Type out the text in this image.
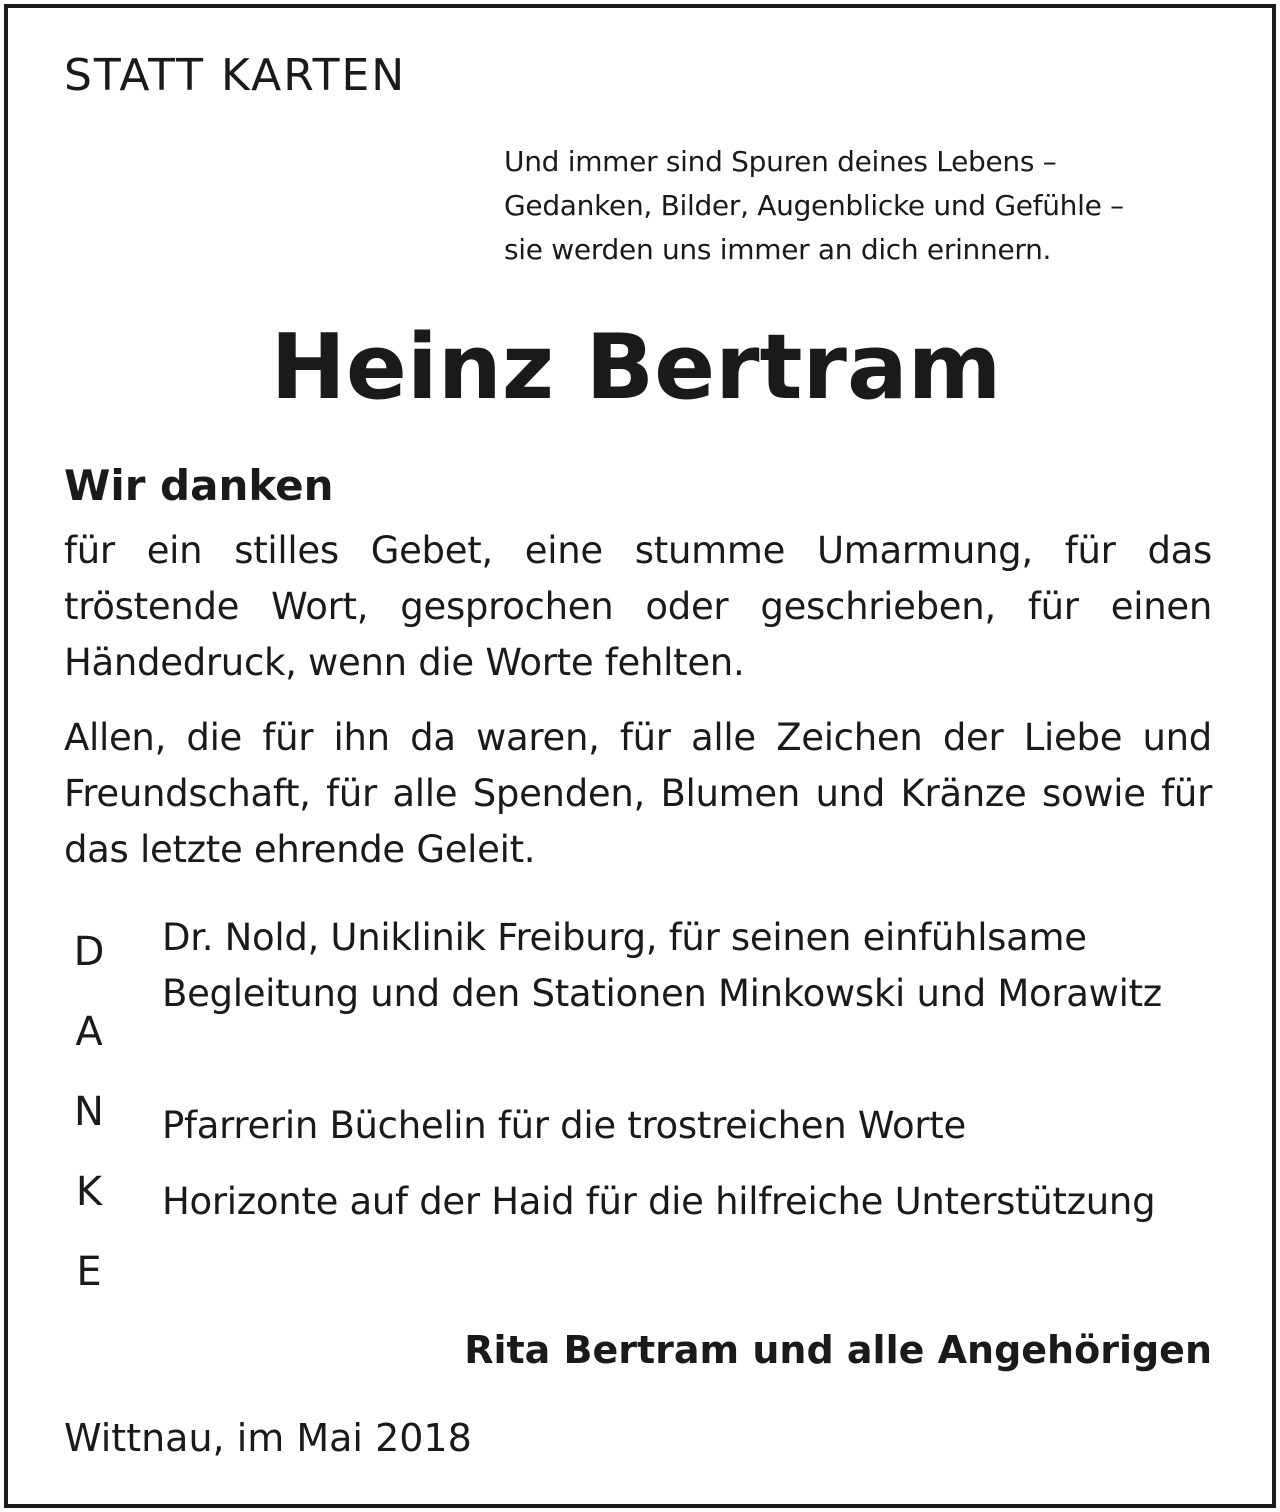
STATT KARTEN
Und immer sind Spuren deines Lebens –
Gedanken, Bilder, Augenblicke und Gefühle –
sie werden uns immer an dich erinnern.
Heinz Bertram
Wir danken

für ein stilles Gebet, eine stumme Umarmung, für das tröstende Wort, gesprochen oder geschrieben, für einen Händedruck, wenn die Worte fehlten.

Allen, die für ihn da waren, für alle Zeichen der Liebe und Freundschaft, für alle Spenden, Blumen und Kränze sowie für das letzte ehrende Geleit.

D
A
N
K
E
Dr. Nold, Uniklinik Freiburg, für seinen einfühlsame Begleitung und den Stationen Minkowski und Morawitz
Pfarrerin Büchelin für die trostreichen Worte
Horizonte auf der Haid für die hilfreiche Unterstützung
Rita Bertram und alle Angehörigen
Wittnau, im Mai 2018
